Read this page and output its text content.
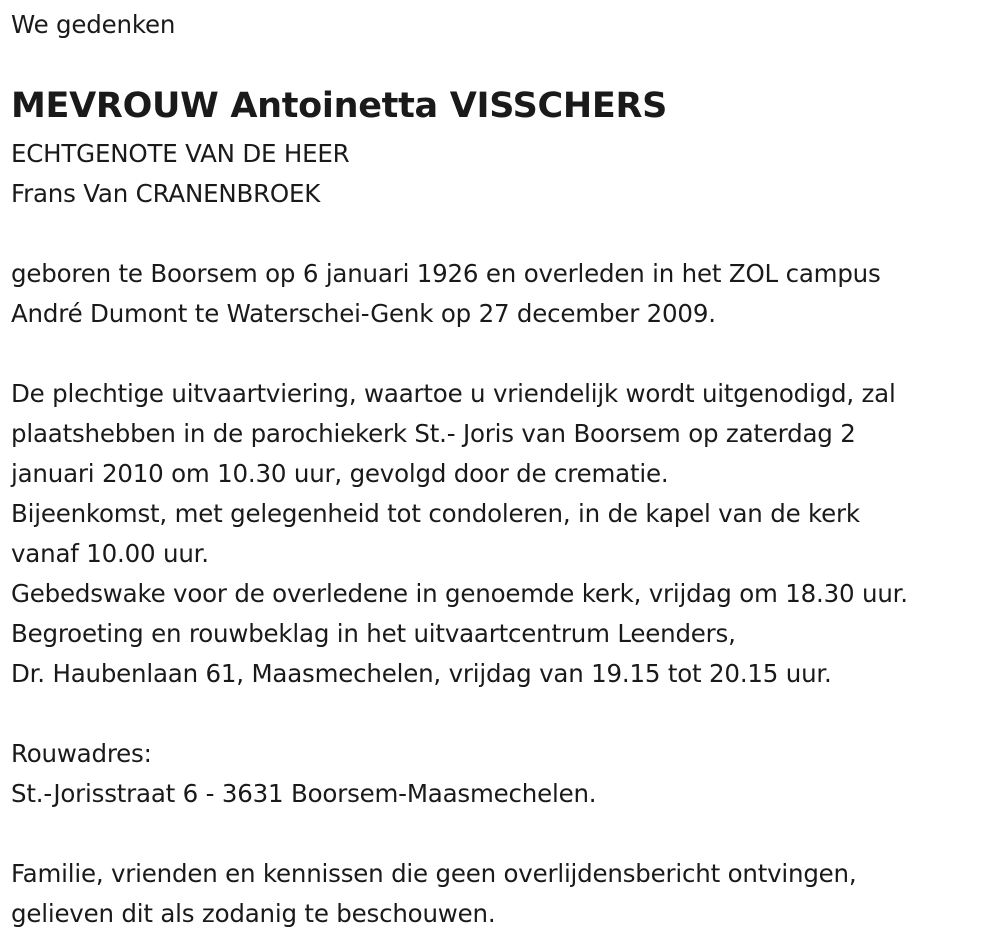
We gedenken
MEVROUW Antoinetta VISSCHERS
ECHTGENOTE VAN DE HEER
Frans Van CRANENBROEK
geboren te Boorsem op 6 januari 1926 en overleden in het ZOL campus
André Dumont te Waterschei-Genk op 27 december 2009.
De plechtige uitvaartviering, waartoe u vriendelijk wordt uitgenodigd, zal
plaatshebben in de parochiekerk St.- Joris van Boorsem op zaterdag 2
januari 2010 om 10.30 uur, gevolgd door de crematie.
Bijeenkomst, met gelegenheid tot condoleren, in de kapel van de kerk
vanaf 10.00 uur.
Gebedswake voor de overledene in genoemde kerk, vrijdag om 18.30 uur.
Begroeting en rouwbeklag in het uitvaartcentrum Leenders,
Dr. Haubenlaan 61, Maasmechelen, vrijdag van 19.15 tot 20.15 uur.
Rouwadres:
St.-Jorisstraat 6 - 3631 Boorsem-Maasmechelen.
Familie, vrienden en kennissen die geen overlijdensbericht ontvingen,
gelieven dit als zodanig te beschouwen.
